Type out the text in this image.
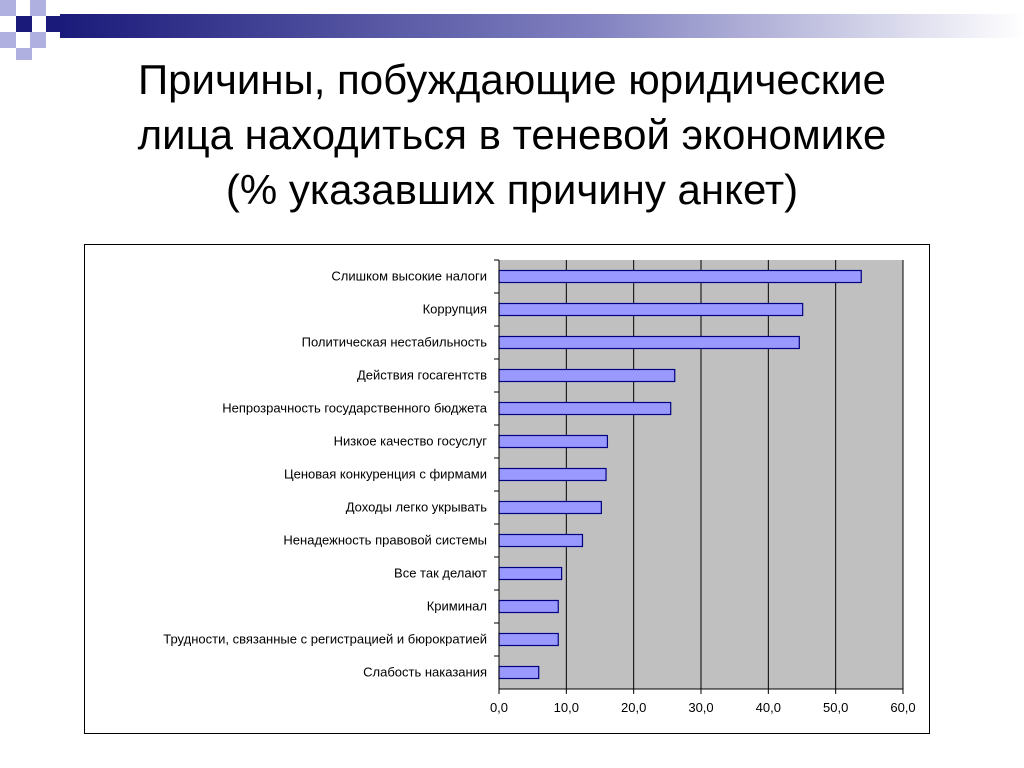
Причины, побуждающие юридические
лица находиться в теневой экономике
(% указавших причину анкет)
0,0	10,0	20,0	30,0	40,0	50,0	60,0
Слишком высокие налоги
Коррупция
Политическая нестабильность
Действия госагентств
Непрозрачность государственного бюджета
Низкое качество госуслуг
Ценовая конкуренция с фирмами
Доходы легко укрывать
Ненадежность правовой системы
Все так делают
Криминал
Трудности, связанные с регистрацией и бюрократией
Слабость наказания
